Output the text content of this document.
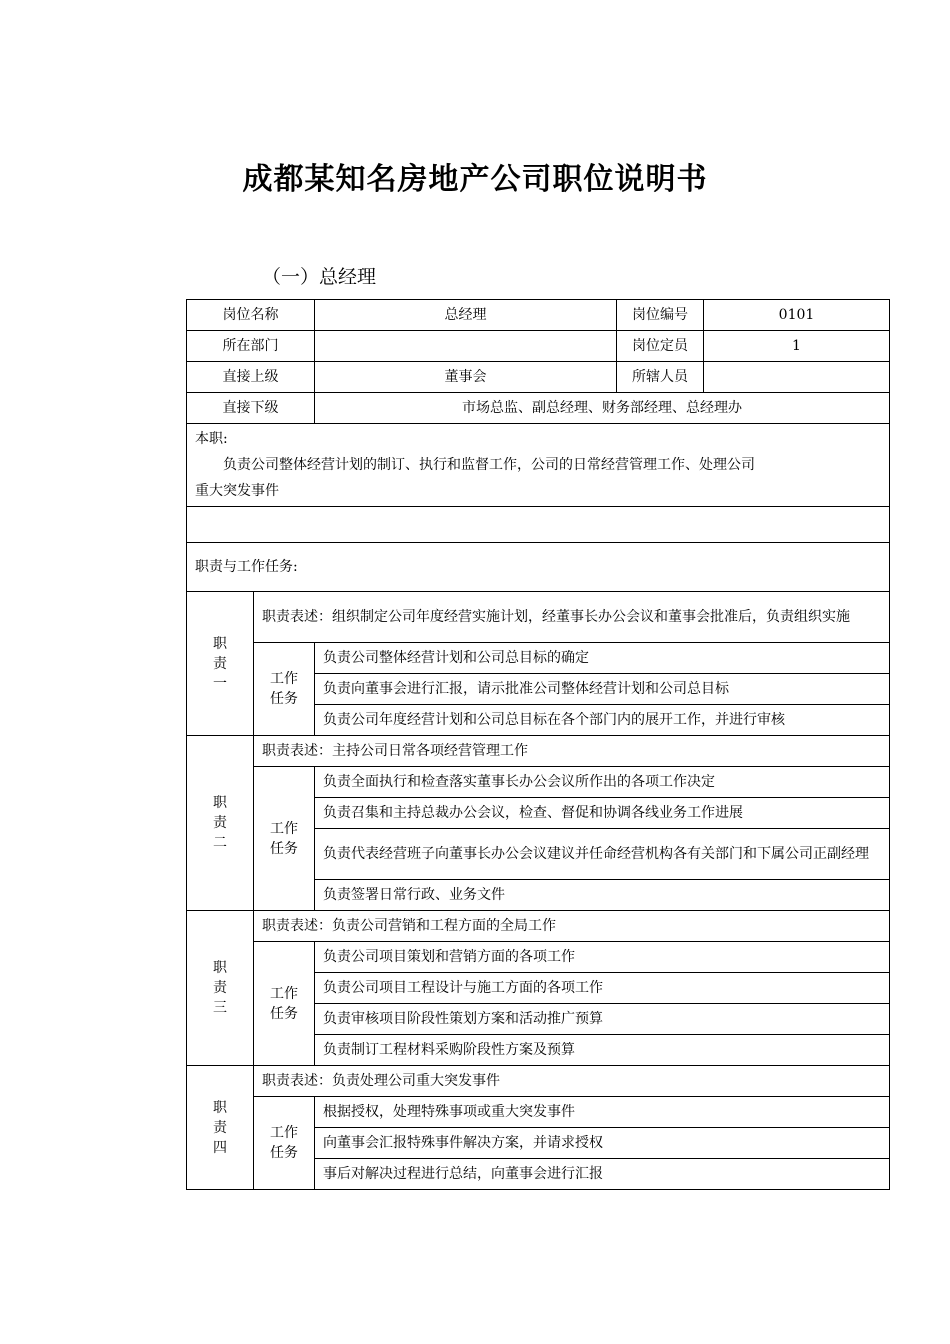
成都某知名房地产公司职位说明书
（一）总经理
岗位名称		总经理	岗位编号	0101
所在部门			岗位定员	1
直接上级		董事会	所辖人员	
直接下级		市场总监、副总经理、财务部经理、总经理办		

本职:
负责公司整体经营计划的制订、执行和监督工作，公司的日常经营管理工作、处理公司
重大突发事件				

职责与工作任务:				

职
责
一	职责表述：组织制定公司年度经营实施计划，经董事长办公会议和董事会批准后，负责组织实施			

	工作
任务	负责公司整体经营计划和公司总目标的确定		
		负责向董事会进行汇报，请示批准公司整体经营计划和公司总目标		
		负责公司年度经营计划和公司总目标在各个部门内的展开工作，并进行审核		

职
责
二	职责表述：主持公司日常各项经营管理工作			

	工作
任务	负责全面执行和检查落实董事长办公会议所作出的各项工作决定		
		负责召集和主持总裁办公会议，检查、督促和协调各线业务工作进展		
		负责代表经营班子向董事长办公会议建议并任命经营机构各有关部门和下属公司正副经理		
		负责签署日常行政、业务文件		

职
责
三	职责表述：负责公司营销和工程方面的全局工作			

	工作
任务	负责公司项目策划和营销方面的各项工作		
		负责公司项目工程设计与施工方面的各项工作		
		负责审核项目阶段性策划方案和活动推广预算		
		负责制订工程材料采购阶段性方案及预算		

职
责
四	职责表述：负责处理公司重大突发事件			

	工作
任务	根据授权，处理特殊事项或重大突发事件		
		向董事会汇报特殊事件解决方案，并请求授权		
		事后对解决过程进行总结，向董事会进行汇报		
